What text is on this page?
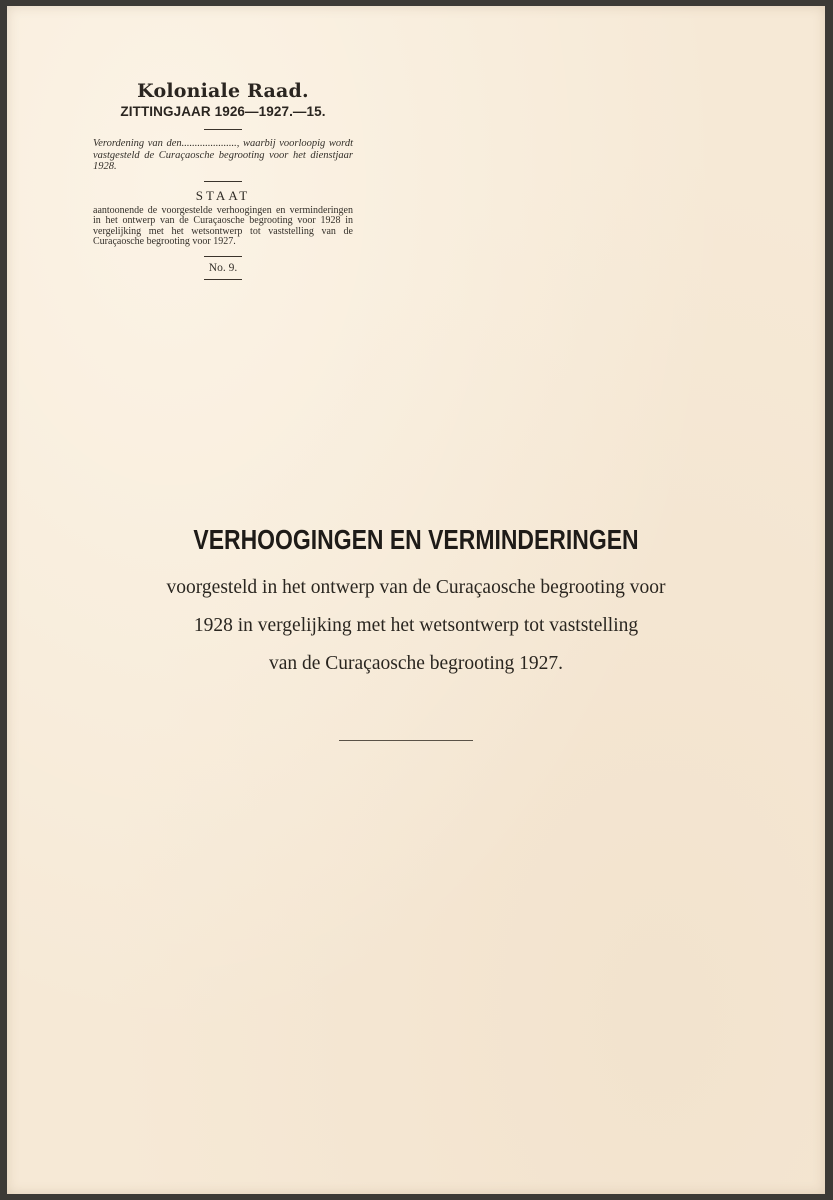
Koloniale Raad.
ZITTINGJAAR 1926—1927.—15.

Verordening van den....................., waarbij voorloopig wordt vastgesteld de Curaçaosche begrooting voor het dienstjaar 1928.

STAAT

aantoonende de voorgestelde verhoogingen en verminderingen in het ontwerp van de Curaçaosche begrooting voor 1928 in vergelijking met het wetsontwerp tot vaststelling van de Curaçaosche begrooting voor 1927.

No. 9.
VERHOOGINGEN EN VERMINDERINGEN
voorgesteld in het ontwerp van de Curaçaosche begrooting voor
1928 in vergelijking met het wetsontwerp tot vaststelling
van de Curaçaosche begrooting 1927.
